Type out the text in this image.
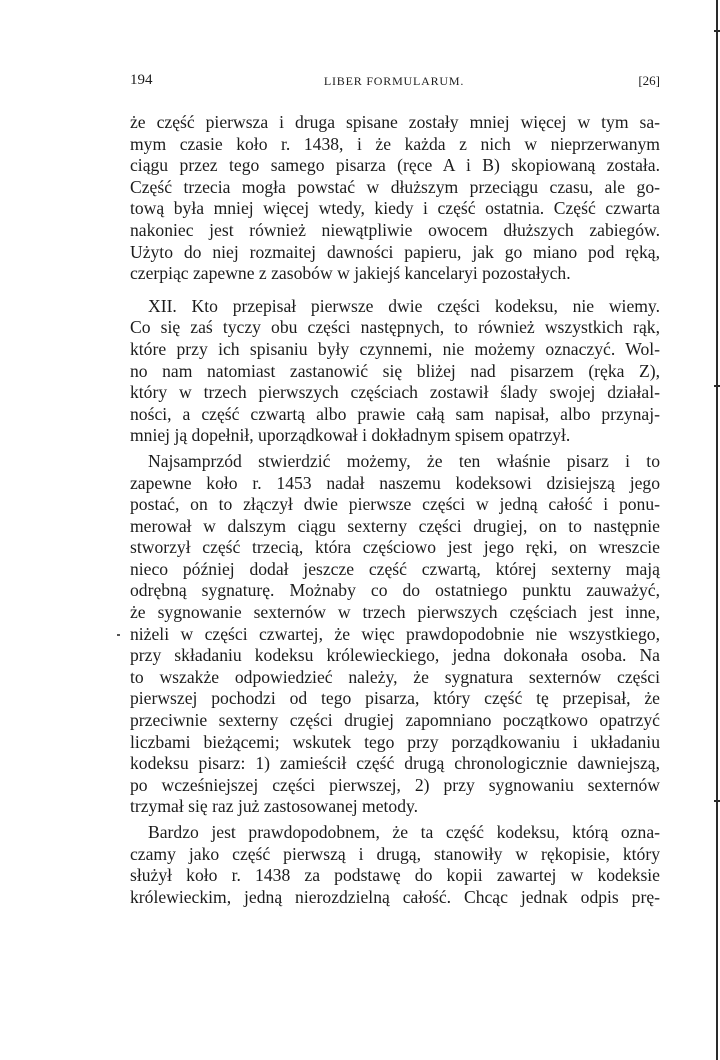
194	LIBER FORMULARUM.	[26]
że część pierwsza i druga spisane zostały mniej więcej w tym sa-
mym czasie koło r. 1438, i że każda z nich w nieprzerwanym
ciągu przez tego samego pisarza (ręce A i B) skopiowaną została.
Część trzecia mogła powstać w dłuższym przeciągu czasu, ale go-
tową była mniej więcej wtedy, kiedy i część ostatnia. Część czwarta
nakoniec jest również niewątpliwie owocem dłuższych zabiegów.
Użyto do niej rozmaitej dawności papieru, jak go miano pod ręką,
czerpiąc zapewne z zasobów w jakiejś kancelaryi pozostałych.
XII. Kto przepisał pierwsze dwie części kodeksu, nie wiemy.
Co się zaś tyczy obu części następnych, to również wszystkich rąk,
które przy ich spisaniu były czynnemi, nie możemy oznaczyć. Wol-
no nam natomiast zastanowić się bliżej nad pisarzem (ręka Z),
który w trzech pierwszych częściach zostawił ślady swojej działal-
ności, a część czwartą albo prawie całą sam napisał, albo przynaj-
mniej ją dopełnił, uporządkował i dokładnym spisem opatrzył.
Najsamprzód stwierdzić możemy, że ten właśnie pisarz i to
zapewne koło r. 1453 nadał naszemu kodeksowi dzisiejszą jego
postać, on to złączył dwie pierwsze części w jedną całość i ponu-
merował w dalszym ciągu sexterny części drugiej, on to następnie
stworzył część trzecią, która częściowo jest jego ręki, on wreszcie
nieco później dodał jeszcze część czwartą, której sexterny mają
odrębną sygnaturę. Możnaby co do ostatniego punktu zauważyć,
że sygnowanie sexternów w trzech pierwszych częściach jest inne,
niżeli w części czwartej, że więc prawdopodobnie nie wszystkiego,
przy składaniu kodeksu królewieckiego, jedna dokonała osoba. Na
to wszakże odpowiedzieć należy, że sygnatura sexternów części
pierwszej pochodzi od tego pisarza, który część tę przepisał, że
przeciwnie sexterny części drugiej zapomniano początkowo opatrzyć
liczbami bieżącemi; wskutek tego przy porządkowaniu i układaniu
kodeksu pisarz: 1) zamieścił część drugą chronologicznie dawniejszą,
po wcześniejszej części pierwszej, 2) przy sygnowaniu sexternów
trzymał się raz już zastosowanej metody.
Bardzo jest prawdopodobnem, że ta część kodeksu, którą ozna-
czamy jako część pierwszą i drugą, stanowiły w rękopisie, który
służył koło r. 1438 za podstawę do kopii zawartej w kodeksie
królewieckim, jedną nierozdzielną całość. Chcąc jednak odpis prę-
